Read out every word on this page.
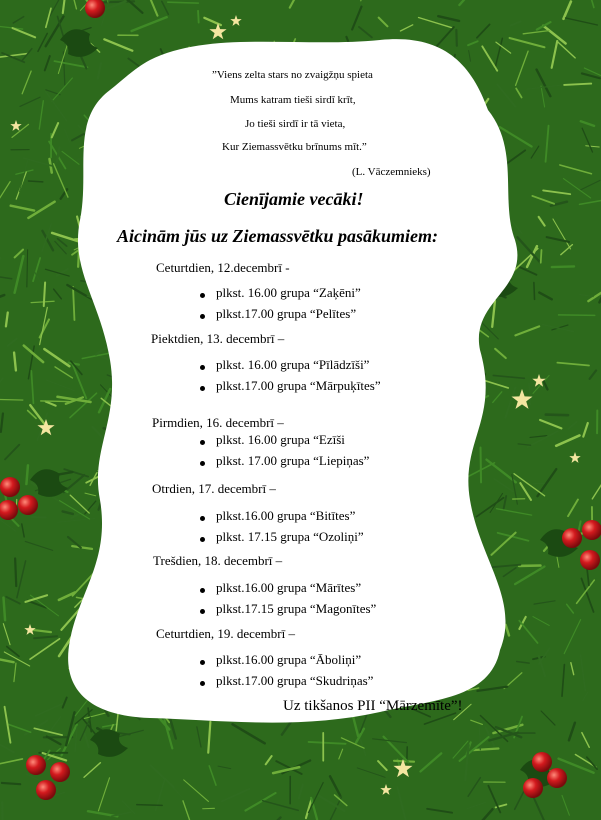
”Viens zelta stars no zvaigžņu spieta
Mums katram tieši sirdī krīt,
Jo tieši sirdī ir tā vieta,
Kur Ziemassvētku brīnums mīt.”
(L. Vāczemnieks)
Cienījamie vecāki!
Aicinām jūs uz Ziemassvētku pasākumiem:
Ceturtdien, 12.decembrī -
plkst. 16.00 grupa “Zaķēni”
plkst.17.00 grupa “Pelītes”
Piektdien, 13. decembrī –
plkst. 16.00 grupa “Pīlādzīši”
plkst.17.00 grupa “Mārpuķītes”
Pirmdien, 16. decembrī –
plkst. 16.00 grupa “Ezīši
plkst. 17.00 grupa “Liepiņas”
Otrdien, 17. decembrī –
plkst.16.00 grupa “Bitītes”
plkst. 17.15 grupa “Ozoliņi”
Trešdien, 18. decembrī –
plkst.16.00 grupa “Mārītes”
plkst.17.15 grupa “Magonītes”
Ceturtdien, 19. decembrī –
plkst.16.00 grupa “Āboliņi”
plkst.17.00 grupa “Skudriņas”
Uz tikšanos PII “Mārzemīte”!
